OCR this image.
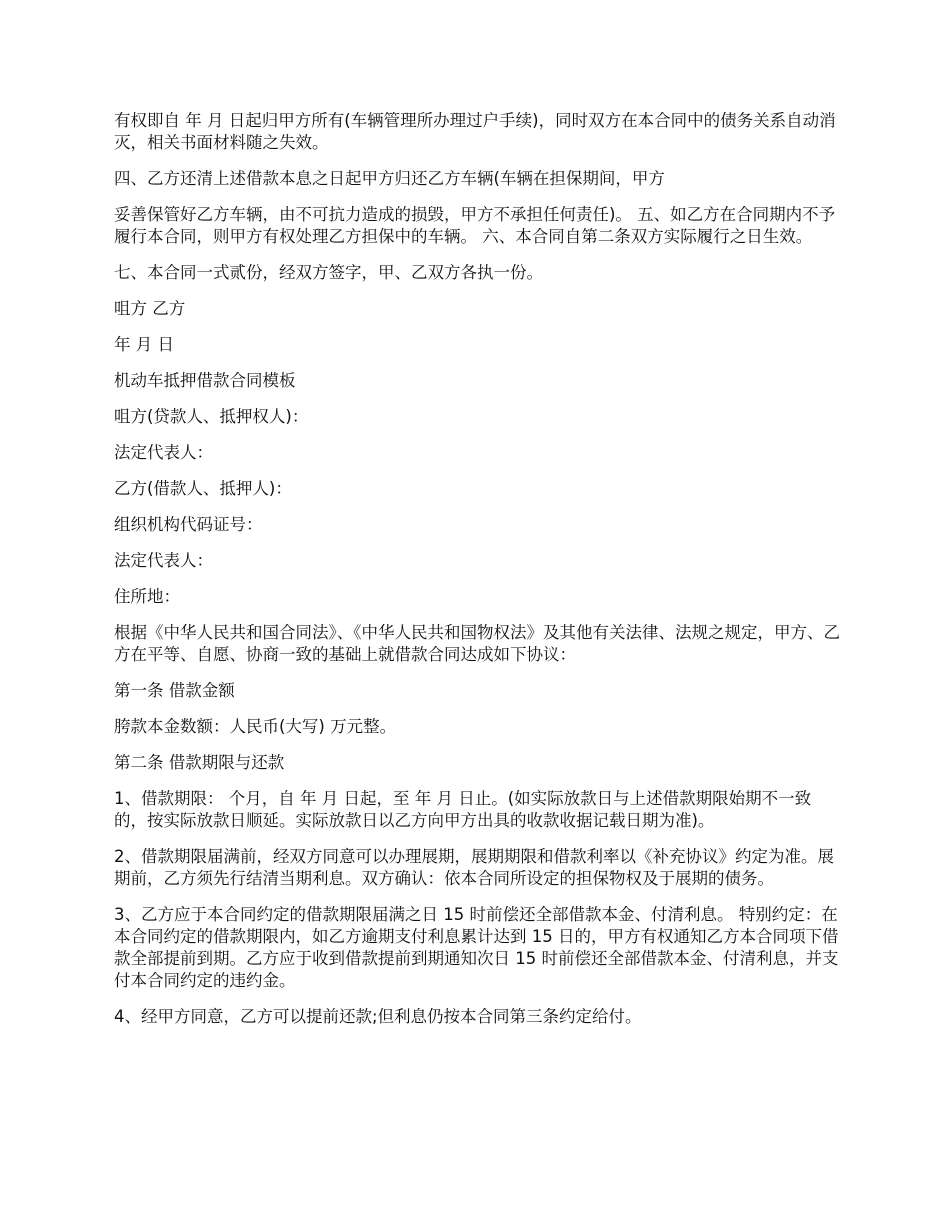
有权即自 年 月 日起归甲方所有(车辆管理所办理过户手续)，同时双方在本合同中的债务关系自动消灭，相关书面材料随之失效。

四、乙方还清上述借款本息之日起甲方归还乙方车辆(车辆在担保期间，甲方

妥善保管好乙方车辆，由不可抗力造成的损毁，甲方不承担任何责任)。 五、如乙方在合同期内不予履行本合同，则甲方有权处理乙方担保中的车辆。 六、本合同自第二条双方实际履行之日生效。

七、本合同一式贰份，经双方签字，甲、乙双方各执一份。

咀方 乙方

年 月 日

机动车抵押借款合同模板

咀方(贷款人、抵押权人)：

法定代表人：

乙方(借款人、抵押人)：

组织机构代码证号：

法定代表人：

住所地：

根据《中华人民共和国合同法》、《中华人民共和国物权法》及其他有关法律、法规之规定，甲方、乙方在平等、自愿、协商一致的基础上就借款合同达成如下协议：

第一条 借款金额

胯款本金数额：人民币(大写) 万元整。

第二条 借款期限与还款

1、借款期限： 个月，自 年 月 日起，至 年 月 日止。(如实际放款日与上述借款期限始期不一致的，按实际放款日顺延。实际放款日以乙方向甲方出具的收款收据记载日期为准)。

2、借款期限届满前，经双方同意可以办理展期，展期期限和借款利率以《补充协议》约定为准。展期前，乙方须先行结清当期利息。双方确认：依本合同所设定的担保物权及于展期的债务。

3、乙方应于本合同约定的借款期限届满之日 15 时前偿还全部借款本金、付清利息。 特别约定：在本合同约定的借款期限内，如乙方逾期支付利息累计达到 15 日的，甲方有权通知乙方本合同项下借款全部提前到期。乙方应于收到借款提前到期通知次日 15 时前偿还全部借款本金、付清利息，并支付本合同约定的违约金。

4、经甲方同意，乙方可以提前还款;但利息仍按本合同第三条约定给付。
